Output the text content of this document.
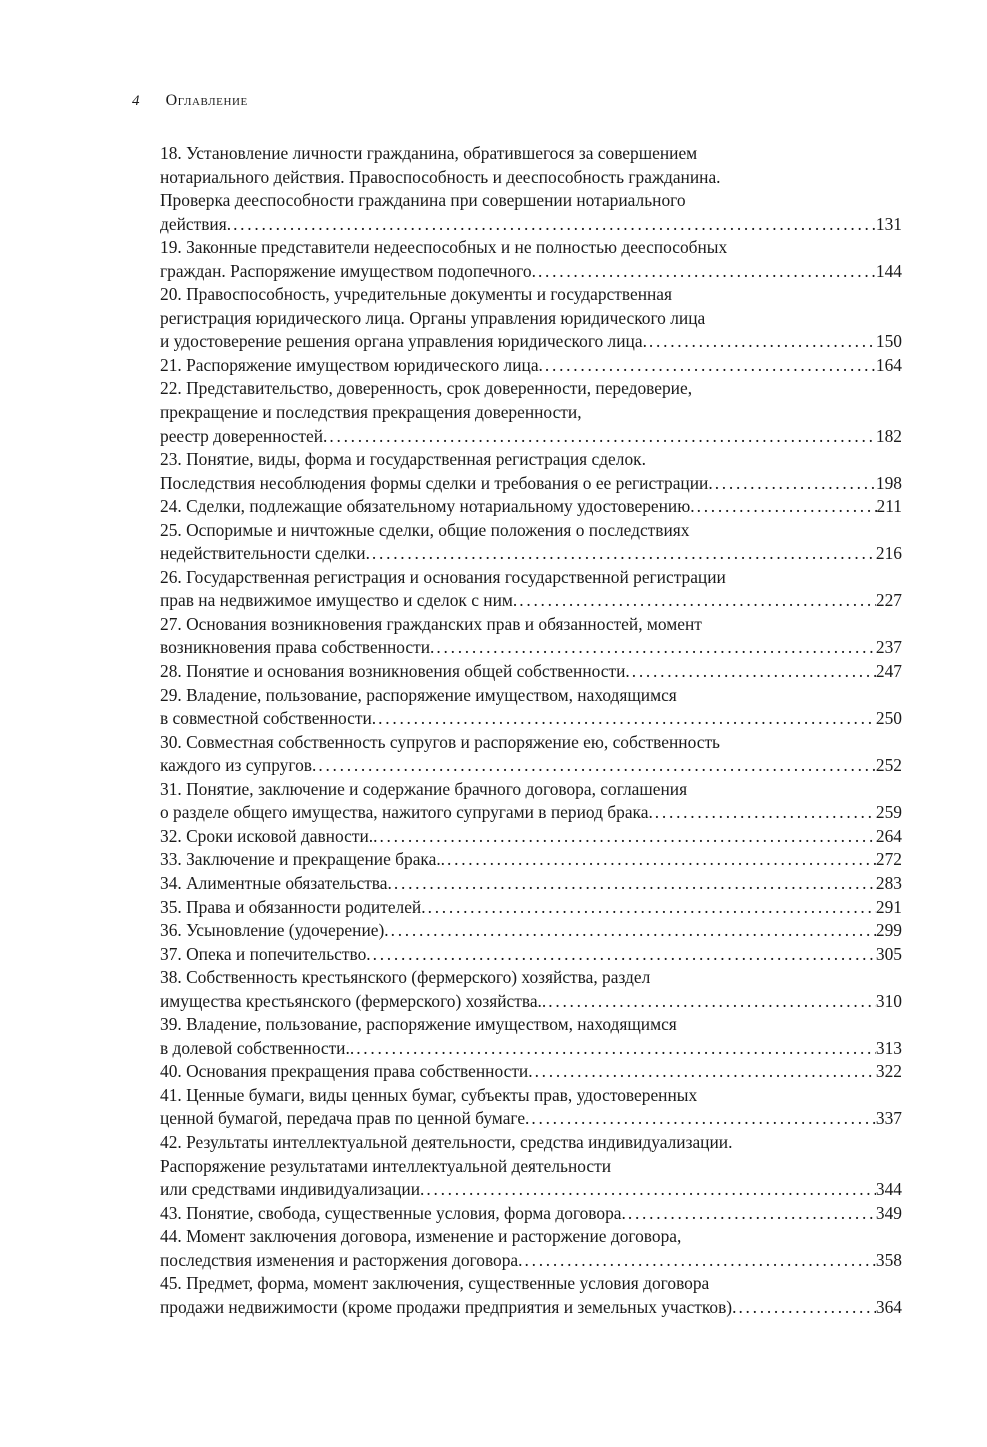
4 Оглавление
18. Установление личности гражданина, обратившегося за совершением
нотариального действия. Правоспособность и дееспособность гражданина.
Проверка дееспособности гражданина при совершении нотариального
действия. . . .	131
19. Законные представители недееспособных и не полностью дееспособных
граждан. Распоряжение имуществом подопечного. . . .	144
20. Правоспособность, учредительные документы и государственная
регистрация юридического лица. Органы управления юридического лица
и удостоверение решения органа управления юридического лица. . . .	150
21. Распоряжение имуществом юридического лица. . . .	164
22. Представительство, доверенность, срок доверенности, передоверие,
прекращение и последствия прекращения доверенности,
реестр доверенностей. . . .	182
23. Понятие, виды, форма и государственная регистрация сделок.
Последствия несоблюдения формы сделки и требования о ее регистрации. . . .	198
24. Сделки, подлежащие обязательному нотариальному удостоверению. . . .	211
25. Оспоримые и ничтожные сделки, общие положения о последствиях
недействительности сделки. . . .	216
26. Государственная регистрация и основания государственной регистрации
прав на недвижимое имущество и сделок с ним. . . .	227
27. Основания возникновения гражданских прав и обязанностей, момент
возникновения права собственности. . . .	237
28. Понятие и основания возникновения общей собственности. . . .	247
29. Владение, пользование, распоряжение имуществом, находящимся
в совместной собственности. . . .	250
30. Совместная собственность супругов и распоряжение ею, собственность
каждого из супругов. . . .	252
31. Понятие, заключение и содержание брачного договора, соглашения
о разделе общего имущества, нажитого супругами в период брака. . . .	259
32. Сроки исковой давности.. . . .	264
33. Заключение и прекращение брака.. . . .	272
34. Алиментные обязательства. . . .	283
35. Права и обязанности родителей. . . .	291
36. Усыновление (удочерение). . . .	299
37. Опека и попечительство. . . .	305
38. Собственность крестьянского (фермерского) хозяйства, раздел
имущества крестьянского (фермерского) хозяйства.. . . .	310
39. Владение, пользование, распоряжение имуществом, находящимся
в долевой собственности.. . . .	313
40. Основания прекращения права собственности. . . .	322
41. Ценные бумаги, виды ценных бумаг, субъекты прав, удостоверенных
ценной бумагой, передача прав по ценной бумаге. . . .	337
42. Результаты интеллектуальной деятельности, средства индивидуализации.
Распоряжение результатами интеллектуальной деятельности
или средствами индивидуализации. . . .	344
43. Понятие, свобода, существенные условия, форма договора. . . .	349
44. Момент заключения договора, изменение и расторжение договора,
последствия изменения и расторжения договора. . . .	358
45. Предмет, форма, момент заключения, существенные условия договора
продажи недвижимости (кроме продажи предприятия и земельных участков). . . .	364
